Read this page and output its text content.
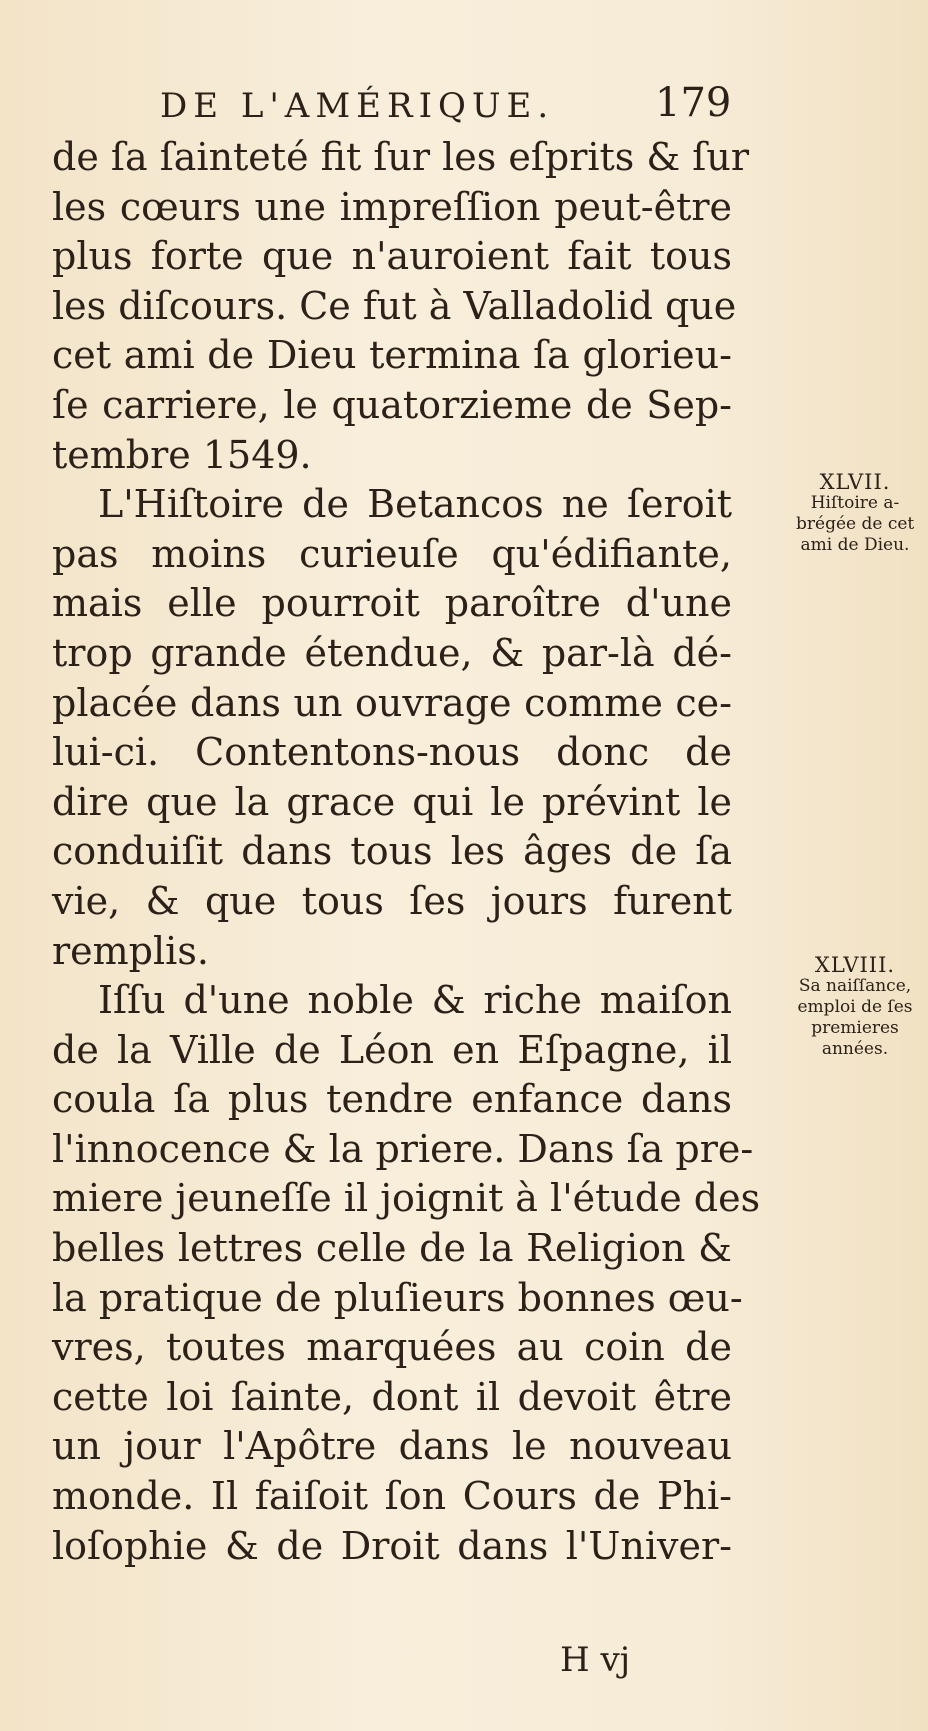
DE L'AMÉRIQUE.	179
de ſa ſainteté fit ſur les eſprits & ſur
les cœurs une impreſſion peut-être
plus forte que n'auroient fait tous
les diſcours. Ce fut à Valladolid que
cet ami de Dieu termina ſa glorieu-
ſe carriere, le quatorzieme de Sep-
tembre 1549.
L'Hiſtoire de Betancos ne ſeroit
pas moins curieuſe qu'édifiante,
mais elle pourroit paroître d'une
trop grande étendue, & par-là dé-
placée dans un ouvrage comme ce-
lui-ci. Contentons-nous donc de
dire que la grace qui le prévint le
conduiſit dans tous les âges de ſa
vie, & que tous ſes jours furent
remplis.
Iſſu d'une noble & riche maiſon
de la Ville de Léon en Eſpagne, il
coula ſa plus tendre enfance dans
l'innocence & la priere. Dans ſa pre-
miere jeuneſſe il joignit à l'étude des
belles lettres celle de la Religion &
la pratique de pluſieurs bonnes œu-
vres, toutes marquées au coin de
cette loi ſainte, dont il devoit être
un jour l'Apôtre dans le nouveau
monde. Il faiſoit ſon Cours de Phi-
loſophie & de Droit dans l'Univer-
XLVII.
Hiſtoire a-
brégée de cet
ami de Dieu.
XLVIII.
Sa naiſſance,
emploi de ſes
premieres
années.
H vj
